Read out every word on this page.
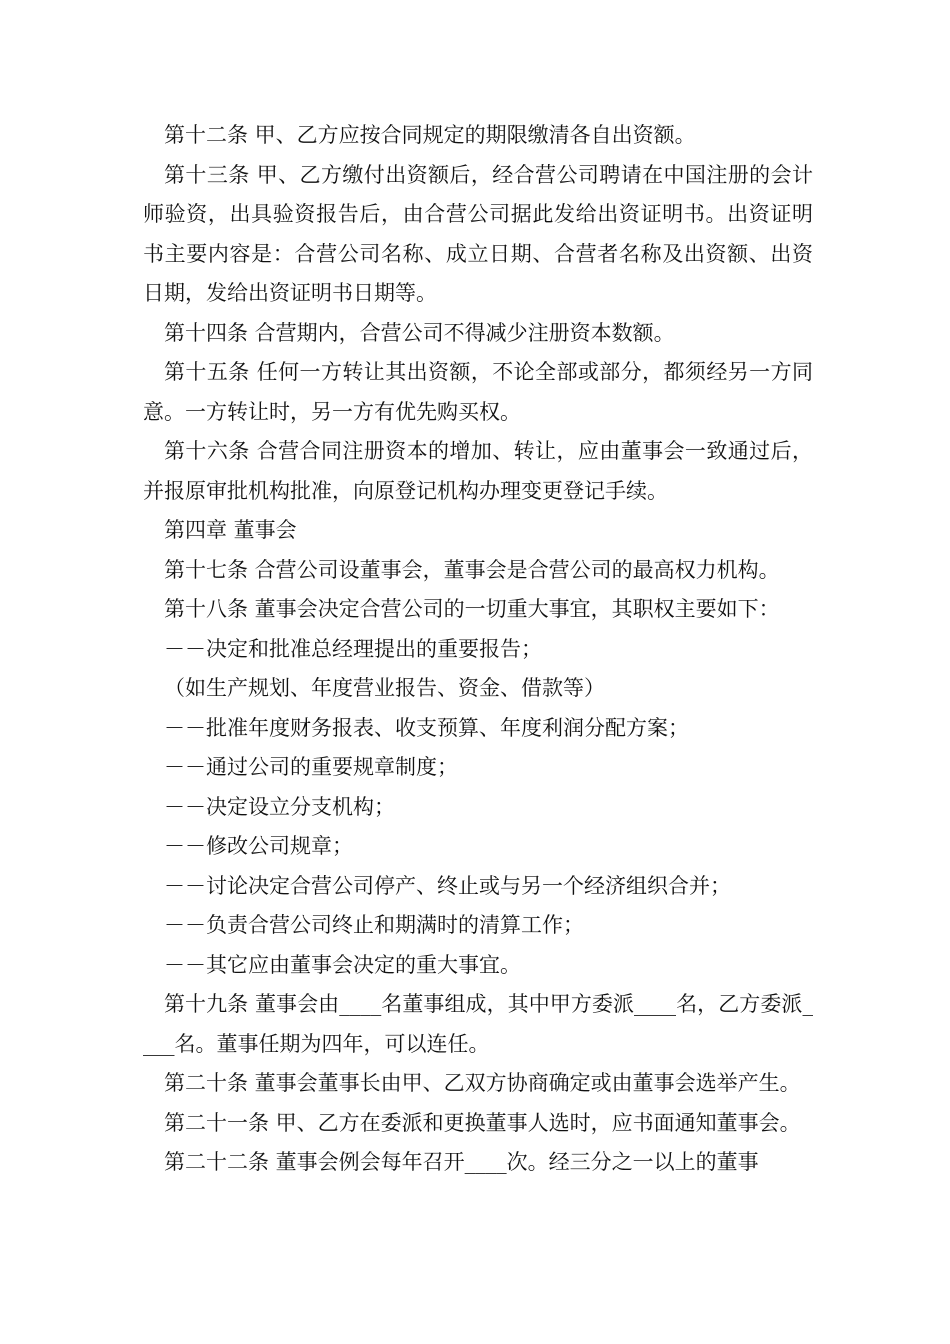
第十二条 甲、乙方应按合同规定的期限缴清各自出资额。

第十三条 甲、乙方缴付出资额后，经合营公司聘请在中国注册的会计师验资，出具验资报告后，由合营公司据此发给出资证明书。出资证明书主要内容是：合营公司名称、成立日期、合营者名称及出资额、出资日期，发给出资证明书日期等。

第十四条 合营期内，合营公司不得减少注册资本数额。

第十五条 任何一方转让其出资额，不论全部或部分，都须经另一方同意。一方转让时，另一方有优先购买权。

第十六条 合营合同注册资本的增加、转让，应由董事会一致通过后，并报原审批机构批准，向原登记机构办理变更登记手续。

第四章 董事会

第十七条 合营公司设董事会，董事会是合营公司的最高权力机构。

第十八条 董事会决定合营公司的一切重大事宜，其职权主要如下：

－－决定和批准总经理提出的重要报告；

（如生产规划、年度营业报告、资金、借款等）

－－批准年度财务报表、收支预算、年度利润分配方案；

－－通过公司的重要规章制度；

－－决定设立分支机构；

－－修改公司规章；

－－讨论决定合营公司停产、终止或与另一个经济组织合并；

－－负责合营公司终止和期满时的清算工作；

－－其它应由董事会决定的重大事宜。

第十九条 董事会由____名董事组成，其中甲方委派____名，乙方委派____名。董事任期为四年，可以连任。

第二十条 董事会董事长由甲、乙双方协商确定或由董事会选举产生。

第二十一条 甲、乙方在委派和更换董事人选时，应书面通知董事会。

第二十二条 董事会例会每年召开____次。经三分之一以上的董事
